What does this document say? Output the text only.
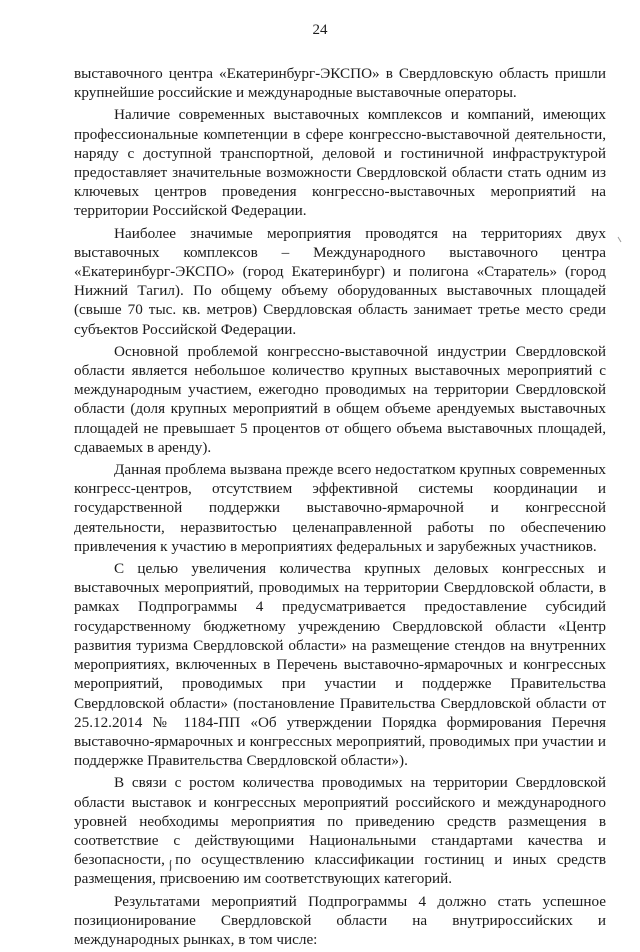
24

выставочного центра «Екатеринбург-ЭКСПО» в Свердловскую область пришли крупнейшие российские и международные выставочные операторы.

Наличие современных выставочных комплексов и компаний, имеющих профессиональные компетенции в сфере конгрессно-выставочной деятельности, наряду с доступной транспортной, деловой и гостиничной инфраструктурой предоставляет значительные возможности Свердловской области стать одним из ключевых центров проведения конгрессно-выставочных мероприятий на территории Российской Федерации.

Наиболее значимые мероприятия проводятся на территориях двух выставочных комплексов – Международного выставочного центра «Екатеринбург-ЭКСПО» (город Екатеринбург) и полигона «Старатель» (город Нижний Тагил). По общему объему оборудованных выставочных площадей (свыше 70 тыс. кв. метров) Свердловская область занимает третье место среди субъектов Российской Федерации.

Основной проблемой конгрессно-выставочной индустрии Свердловской области является небольшое количество крупных выставочных мероприятий с международным участием, ежегодно проводимых на территории Свердловской области (доля крупных мероприятий в общем объеме арендуемых выставочных площадей не превышает 5 процентов от общего объема выставочных площадей, сдаваемых в аренду).

Данная проблема вызвана прежде всего недостатком крупных современных конгресс-центров, отсутствием эффективной системы координации и государственной поддержки выставочно-ярмарочной и конгрессной деятельности, неразвитостью целенаправленной работы по обеспечению привлечения к участию в мероприятиях федеральных и зарубежных участников.

С целью увеличения количества крупных деловых конгрессных и выставочных мероприятий, проводимых на территории Свердловской области, в рамках Подпрограммы 4 предусматривается предоставление субсидий государственному бюджетному учреждению Свердловской области «Центр развития туризма Свердловской области» на размещение стендов на внутренних мероприятиях, включенных в Перечень выставочно-ярмарочных и конгрессных мероприятий, проводимых при участии и поддержке Правительства Свердловской области» (постановление Правительства Свердловской области от 25.12.2014 № 1184-ПП «Об утверждении Порядка формирования Перечня выставочно-ярмарочных и конгрессных мероприятий, проводимых при участии и поддержке Правительства Свердловской области»).

В связи с ростом количества проводимых на территории Свердловской области выставок и конгрессных мероприятий российского и международного уровней необходимы мероприятия по приведению средств размещения в соответствие с действующими Национальными стандартами качества и безопасности, по осуществлению классификации гостиниц и иных средств размещения, присвоению им соответствующих категорий.

Результатами мероприятий Подпрограммы 4 должно стать успешное позиционирование Свердловской области на внутрироссийских и международных рынках, в том числе:
